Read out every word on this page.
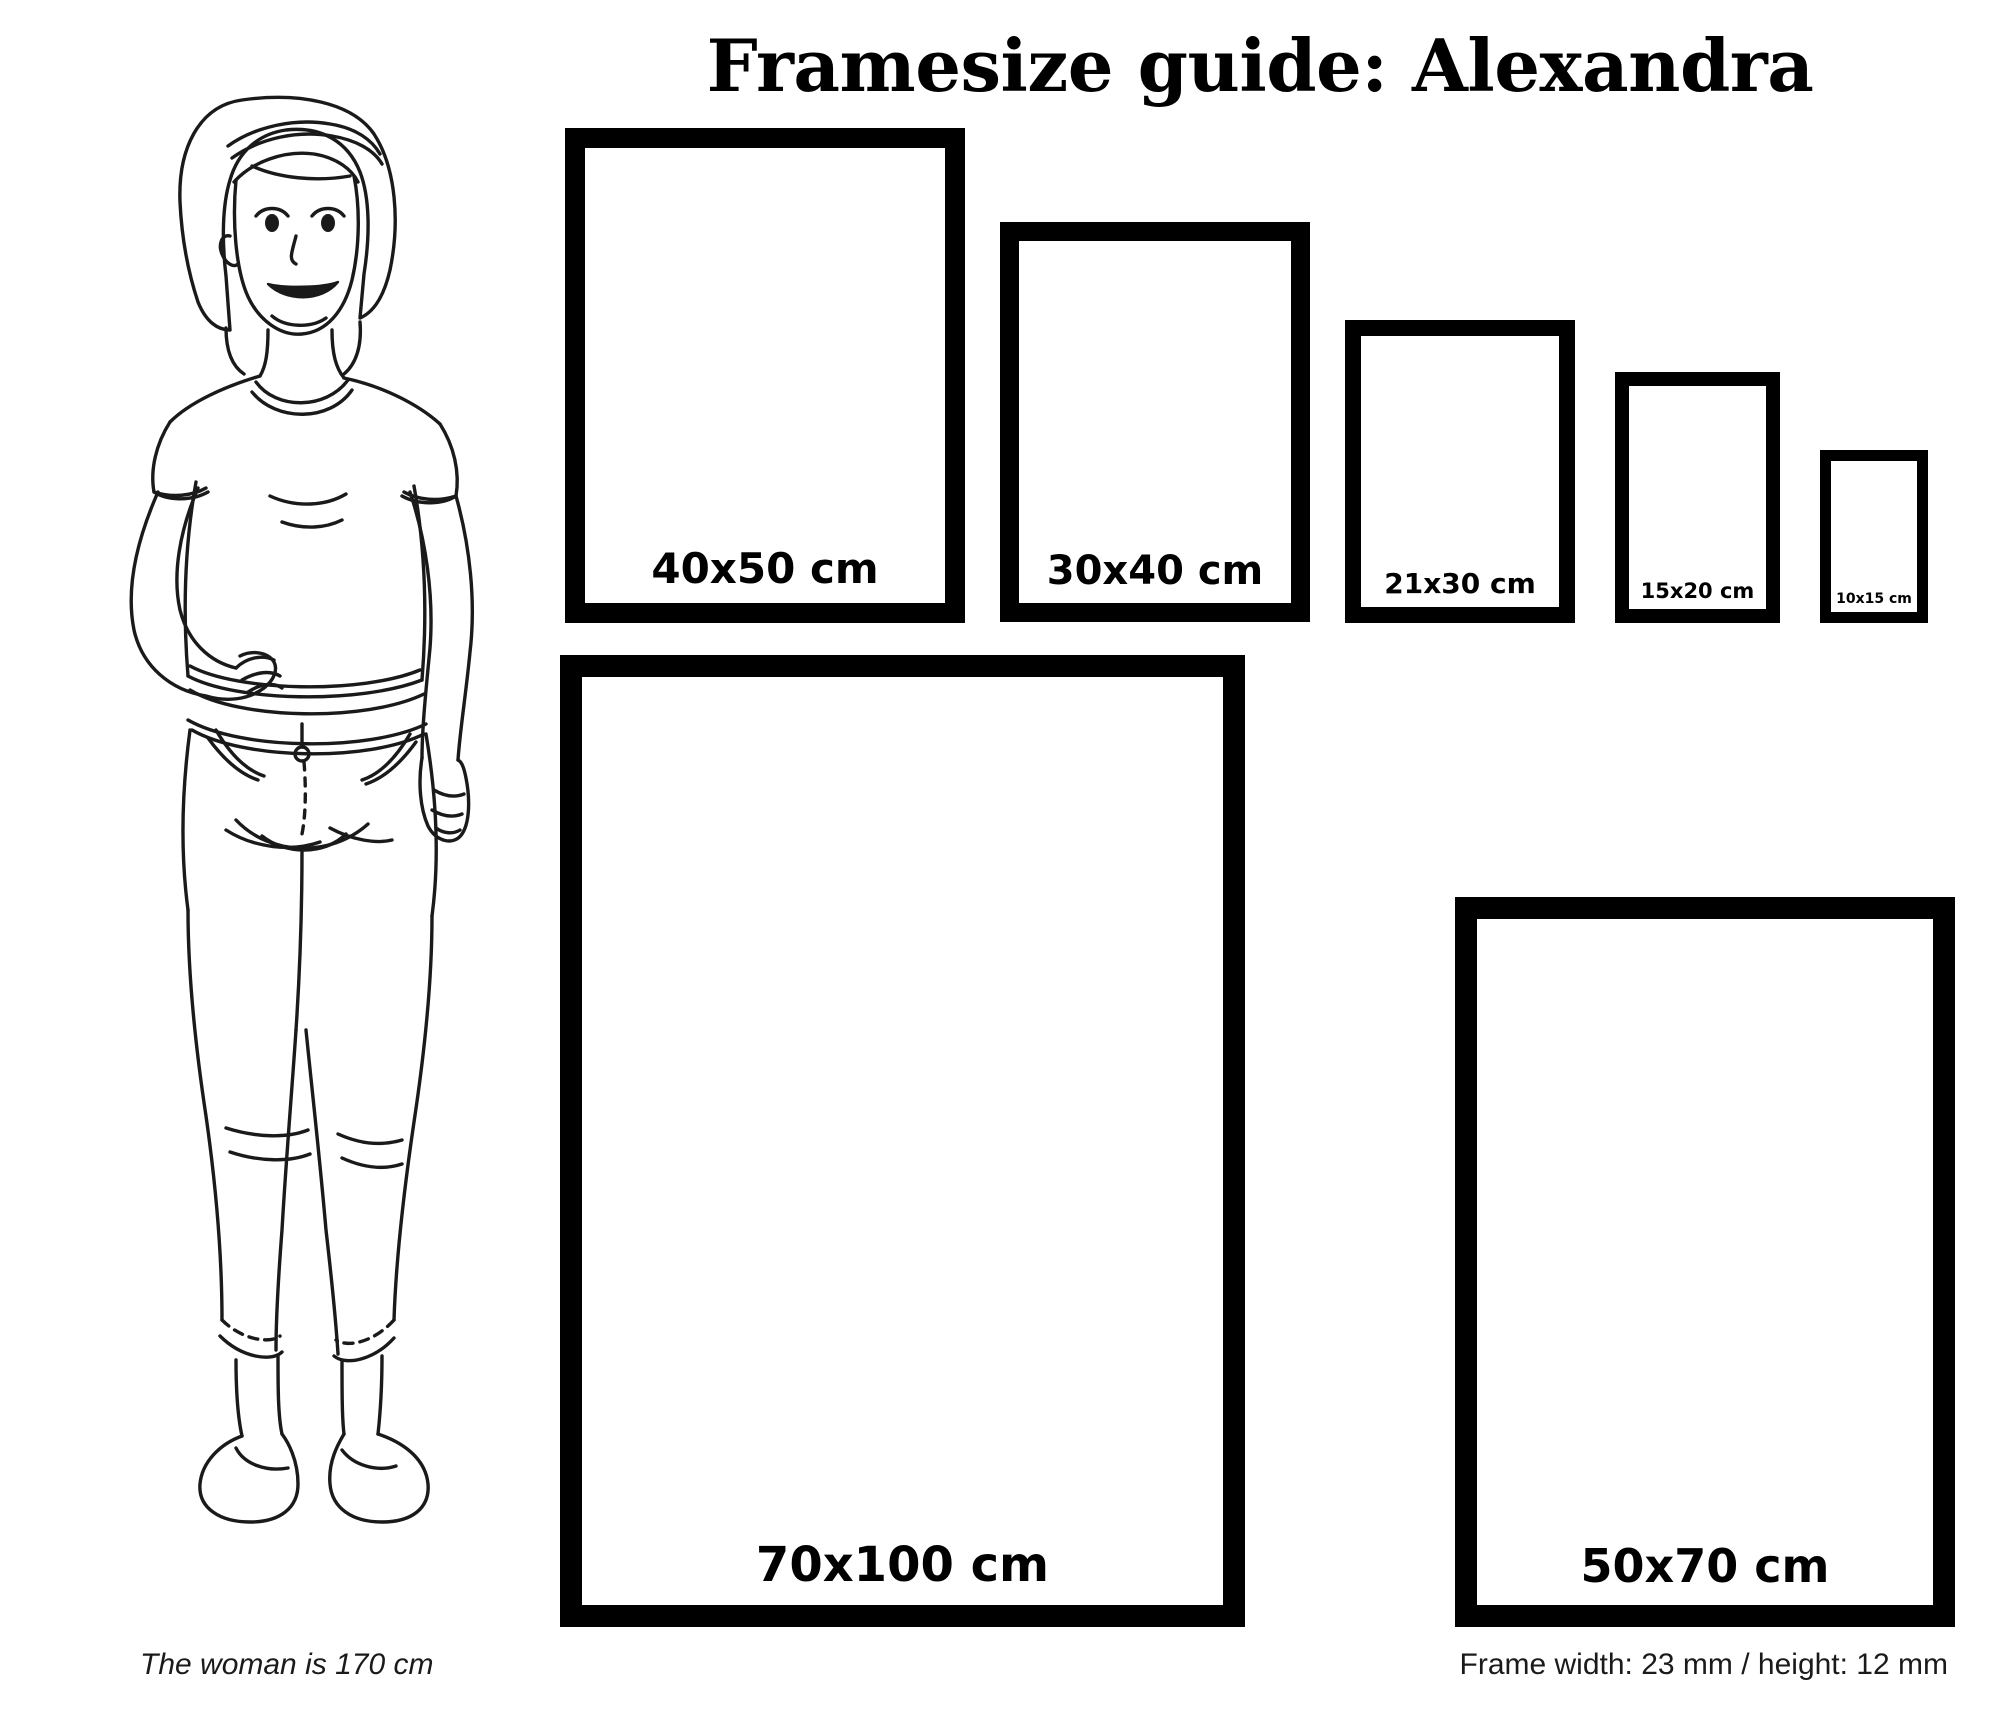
Framesize guide: Alexandra
40x50 cm	30x40 cm	21x30 cm	15x20 cm	10x15 cm
70x100 cm	50x70 cm
The woman is 170 cm	Frame width: 23 mm / height: 12 mm
